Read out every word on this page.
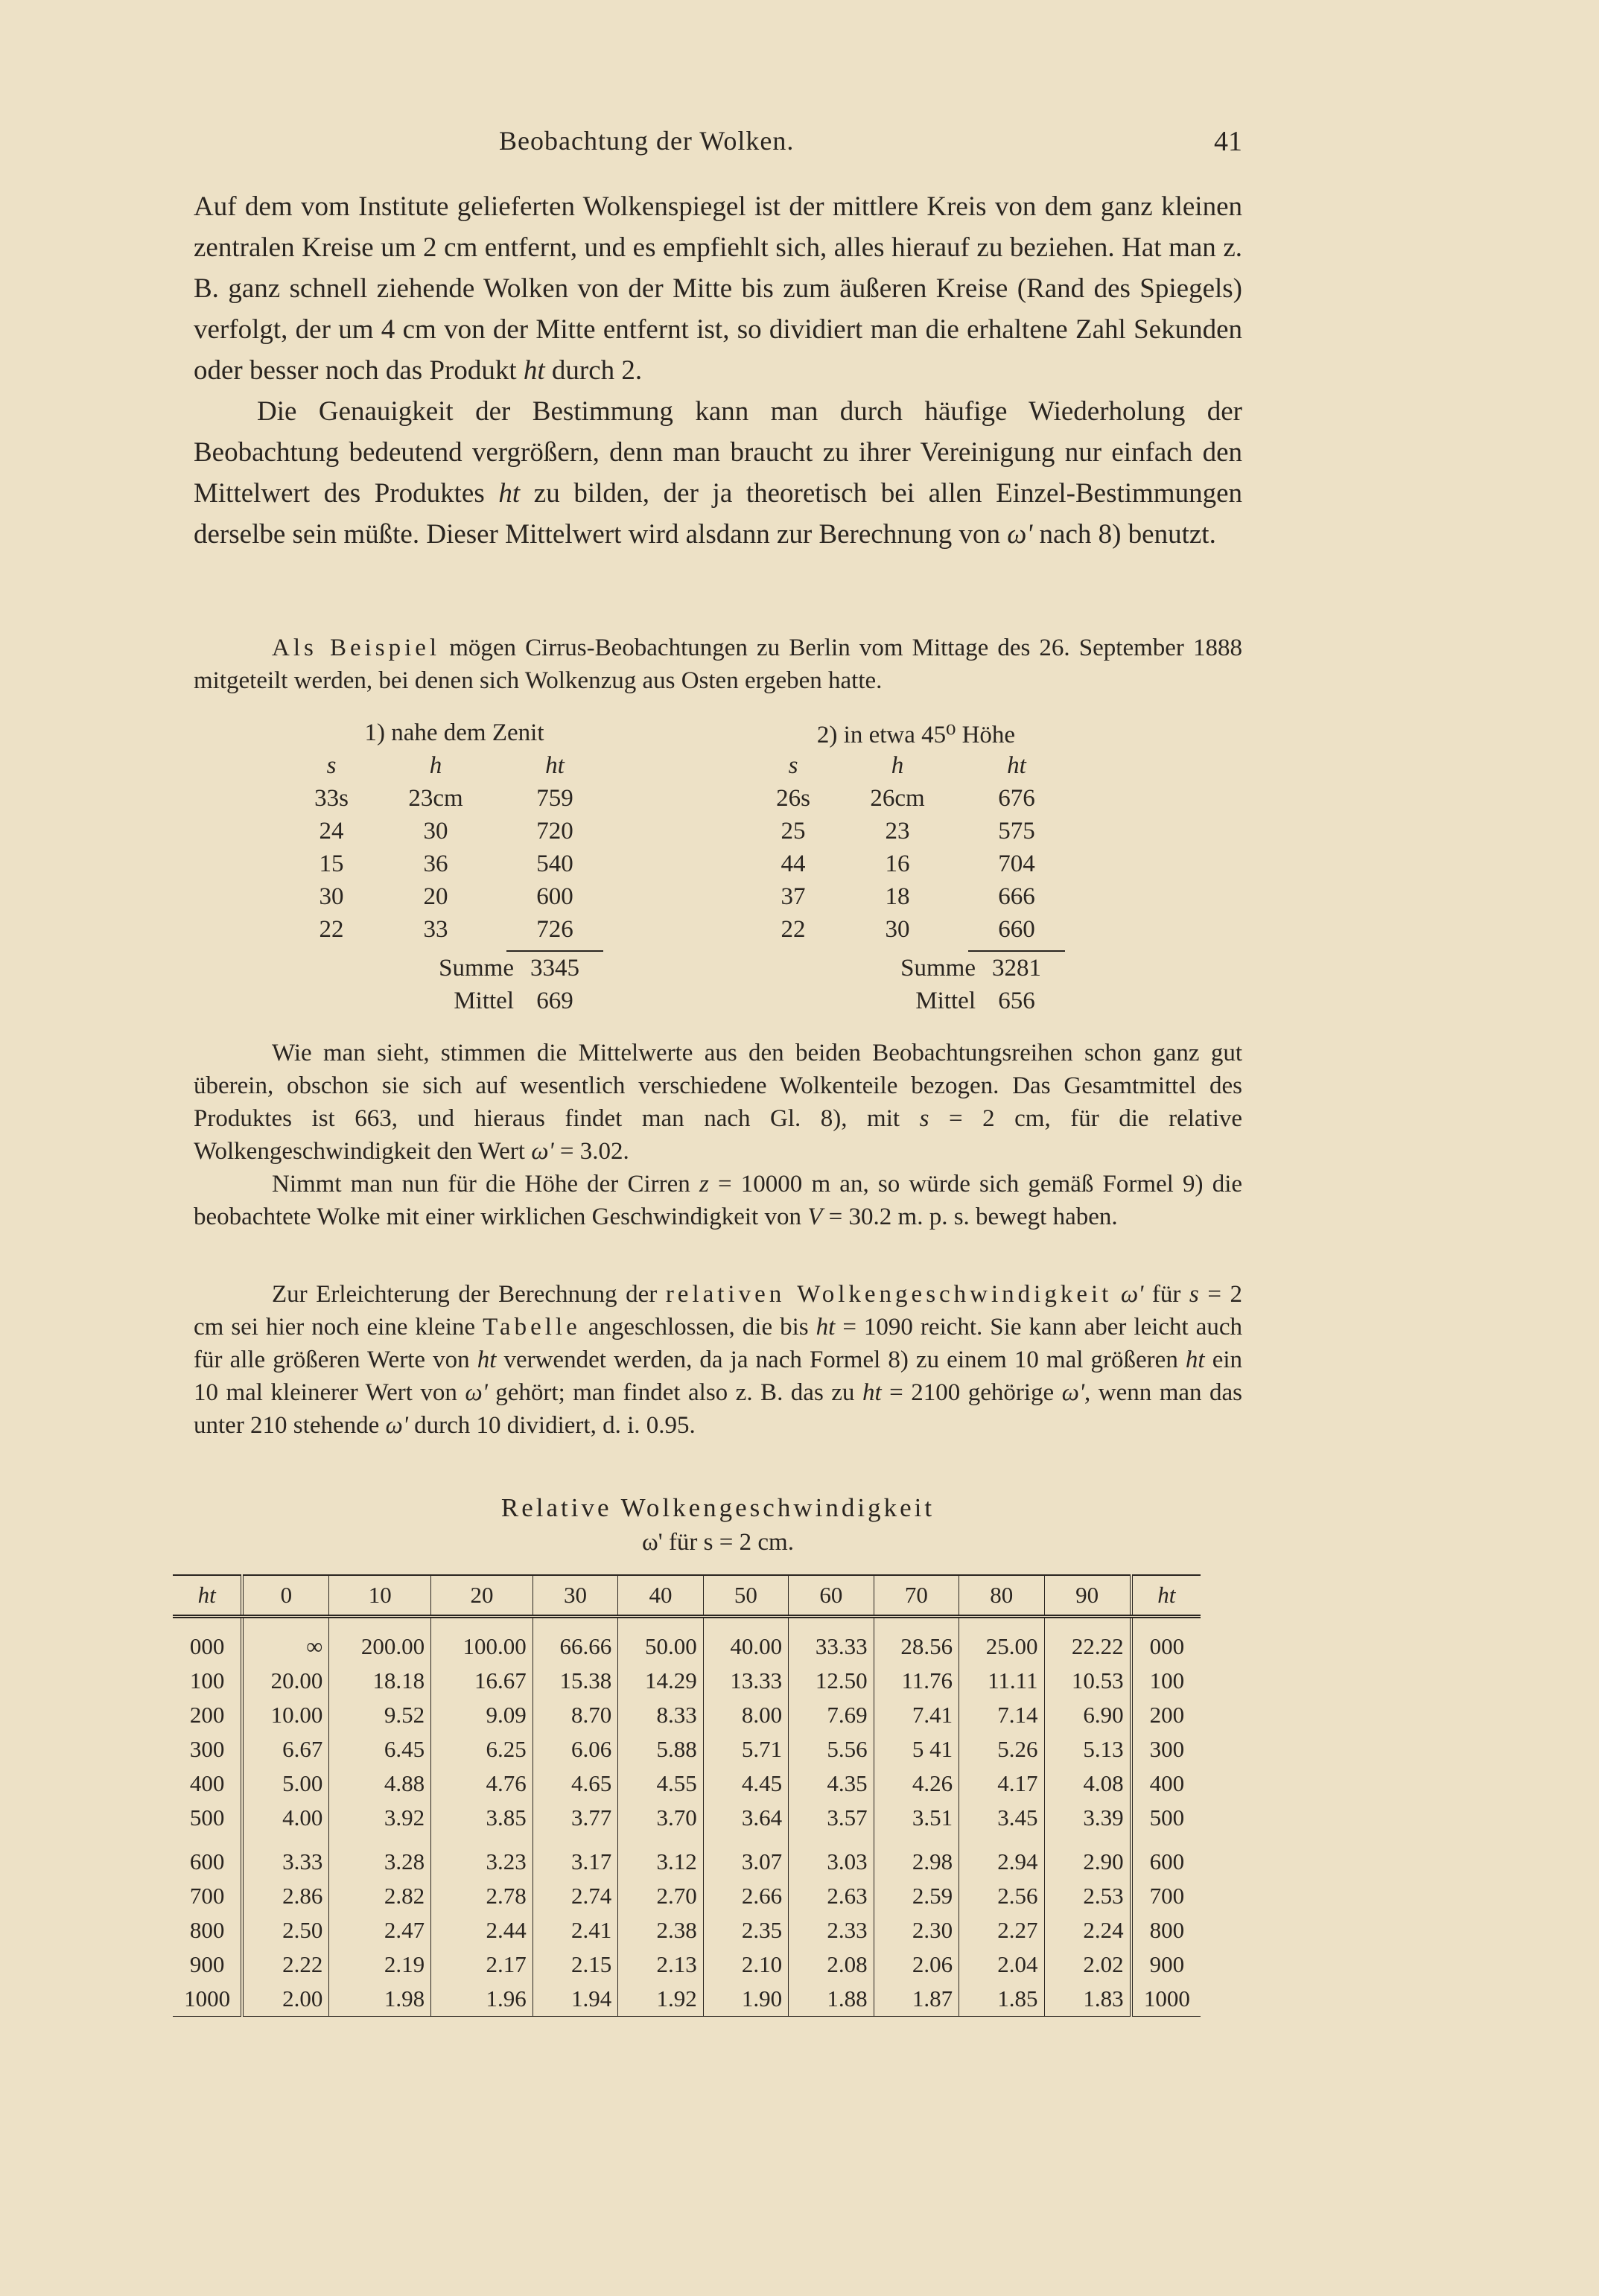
Beobachtung der Wolken.	41

Auf dem vom Institute gelieferten Wolkenspiegel ist der mittlere Kreis von dem ganz kleinen zentralen Kreise um 2 cm entfernt, und es empfiehlt sich, alles hierauf zu beziehen. Hat man z. B. ganz schnell ziehende Wolken von der Mitte bis zum äußeren Kreise (Rand des Spiegels) verfolgt, der um 4 cm von der Mitte entfernt ist, so dividiert man die erhaltene Zahl Sekunden oder besser noch das Produkt ht durch 2.

Die Genauigkeit der Bestimmung kann man durch häufige Wiederholung der Beobachtung bedeutend vergrößern, denn man braucht zu ihrer Vereinigung nur einfach den Mittelwert des Produktes ht zu bilden, der ja theoretisch bei allen Einzel-Bestimmungen derselbe sein müßte. Dieser Mittelwert wird alsdann zur Berechnung von ω' nach 8) benutzt.

Als Beispiel mögen Cirrus-Beobachtungen zu Berlin vom Mittage des 26. September 1888 mitgeteilt werden, bei denen sich Wolkenzug aus Osten ergeben hatte.

1) nahe dem Zenit
s	h	ht
33s	23cm	759
24	30	720
15	36	540
30	20	600
22	33	726
Summe 3345
Mittel 669
2) in etwa 45⁰ Höhe
s	h	ht
26s	26cm	676
25	23	575
44	16	704
37	18	666
22	30	660
Summe 3281
Mittel 656

Wie man sieht, stimmen die Mittelwerte aus den beiden Beobachtungsreihen schon ganz gut überein, obschon sie sich auf wesentlich verschiedene Wolkenteile bezogen. Das Gesamtmittel des Produktes ist 663, und hieraus findet man nach Gl. 8), mit s = 2 cm, für die relative Wolkengeschwindigkeit den Wert ω' = 3.02.

Nimmt man nun für die Höhe der Cirren z = 10000 m an, so würde sich gemäß Formel 9) die beobachtete Wolke mit einer wirklichen Geschwindigkeit von V = 30.2 m. p. s. bewegt haben.

Zur Erleichterung der Berechnung der relativen Wolkengeschwindigkeit ω' für s = 2 cm sei hier noch eine kleine Tabelle angeschlossen, die bis ht = 1090 reicht. Sie kann aber leicht auch für alle größeren Werte von ht verwendet werden, da ja nach Formel 8) zu einem 10 mal größeren ht ein 10 mal kleinerer Wert von ω' gehört; man findet also z. B. das zu ht = 2100 gehörige ω', wenn man das unter 210 stehende ω' durch 10 dividiert, d. i. 0.95.

Relative Wolkengeschwindigkeit
ω' für s = 2 cm.
ht	0	10	20	30	40	50	60	70	80	90	ht
000	∞	200.00	100.00	66.66	50.00	40.00	33.33	28.56	25.00	22.22	000
100	20.00	18.18	16.67	15.38	14.29	13.33	12.50	11.76	11.11	10.53	100
200	10.00	9.52	9.09	8.70	8.33	8.00	7.69	7.41	7.14	6.90	200
300	6.67	6.45	6.25	6.06	5.88	5.71	5.56	5 41	5.26	5.13	300
400	5.00	4.88	4.76	4.65	4.55	4.45	4.35	4.26	4.17	4.08	400
500	4.00	3.92	3.85	3.77	3.70	3.64	3.57	3.51	3.45	3.39	500
600	3.33	3.28	3.23	3.17	3.12	3.07	3.03	2.98	2.94	2.90	600
700	2.86	2.82	2.78	2.74	2.70	2.66	2.63	2.59	2.56	2.53	700
800	2.50	2.47	2.44	2.41	2.38	2.35	2.33	2.30	2.27	2.24	800
900	2.22	2.19	2.17	2.15	2.13	2.10	2.08	2.06	2.04	2.02	900
1000	2.00	1.98	1.96	1.94	1.92	1.90	1.88	1.87	1.85	1.83	1000
